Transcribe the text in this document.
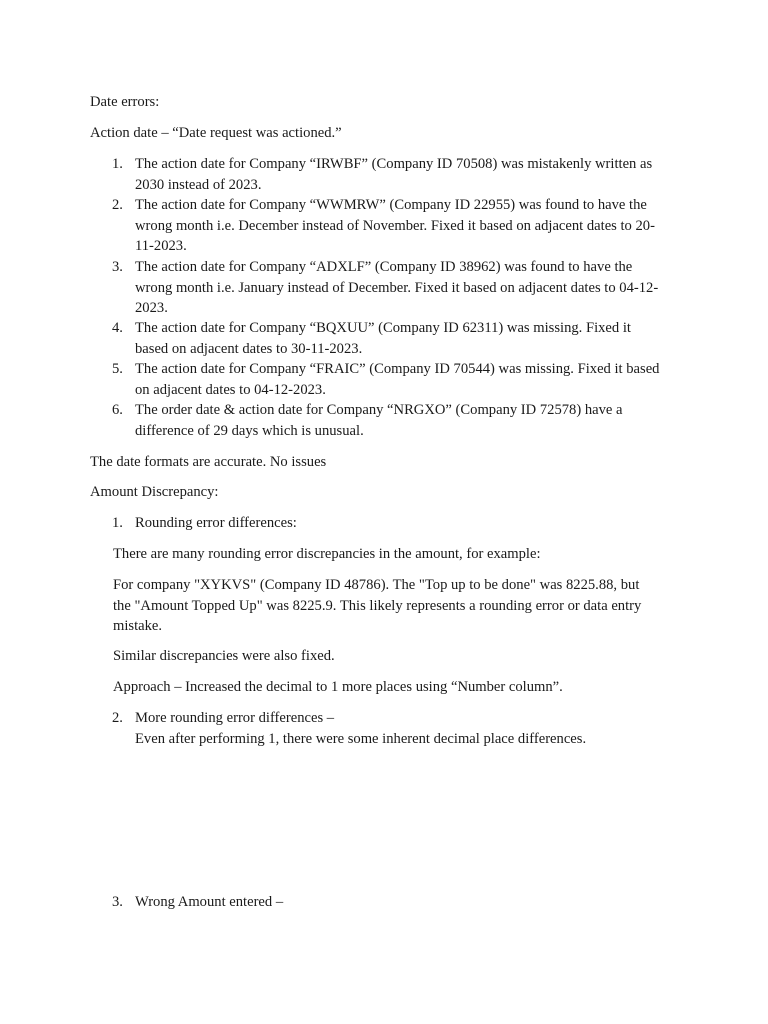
Date errors:

Action date – “Date request was actioned.”

1. The action date for Company “IRWBF” (Company ID 70508) was mistakenly written as
2030 instead of 2023.
2. The action date for Company “WWMRW” (Company ID 22955) was found to have the
wrong month i.e. December instead of November. Fixed it based on adjacent dates to 20-
11-2023.
3. The action date for Company “ADXLF” (Company ID 38962) was found to have the
wrong month i.e. January instead of December. Fixed it based on adjacent dates to 04-12-
2023.
4. The action date for Company “BQXUU” (Company ID 62311) was missing. Fixed it
based on adjacent dates to 30-11-2023.
5. The action date for Company “FRAIC” (Company ID 70544) was missing. Fixed it based
on adjacent dates to 04-12-2023.
6. The order date & action date for Company “NRGXO” (Company ID 72578) have a
difference of 29 days which is unusual.

The date formats are accurate. No issues

Amount Discrepancy:

1. Rounding error differences:

There are many rounding error discrepancies in the amount, for example:

For company "XYKVS" (Company ID 48786). The "Top up to be done" was 8225.88, but
the "Amount Topped Up" was 8225.9. This likely represents a rounding error or data entry
mistake.

Similar discrepancies were also fixed.

Approach – Increased the decimal to 1 more places using “Number column”.

2. More rounding error differences –
Even after performing 1, there were some inherent decimal place differences.
3. Wrong Amount entered –
